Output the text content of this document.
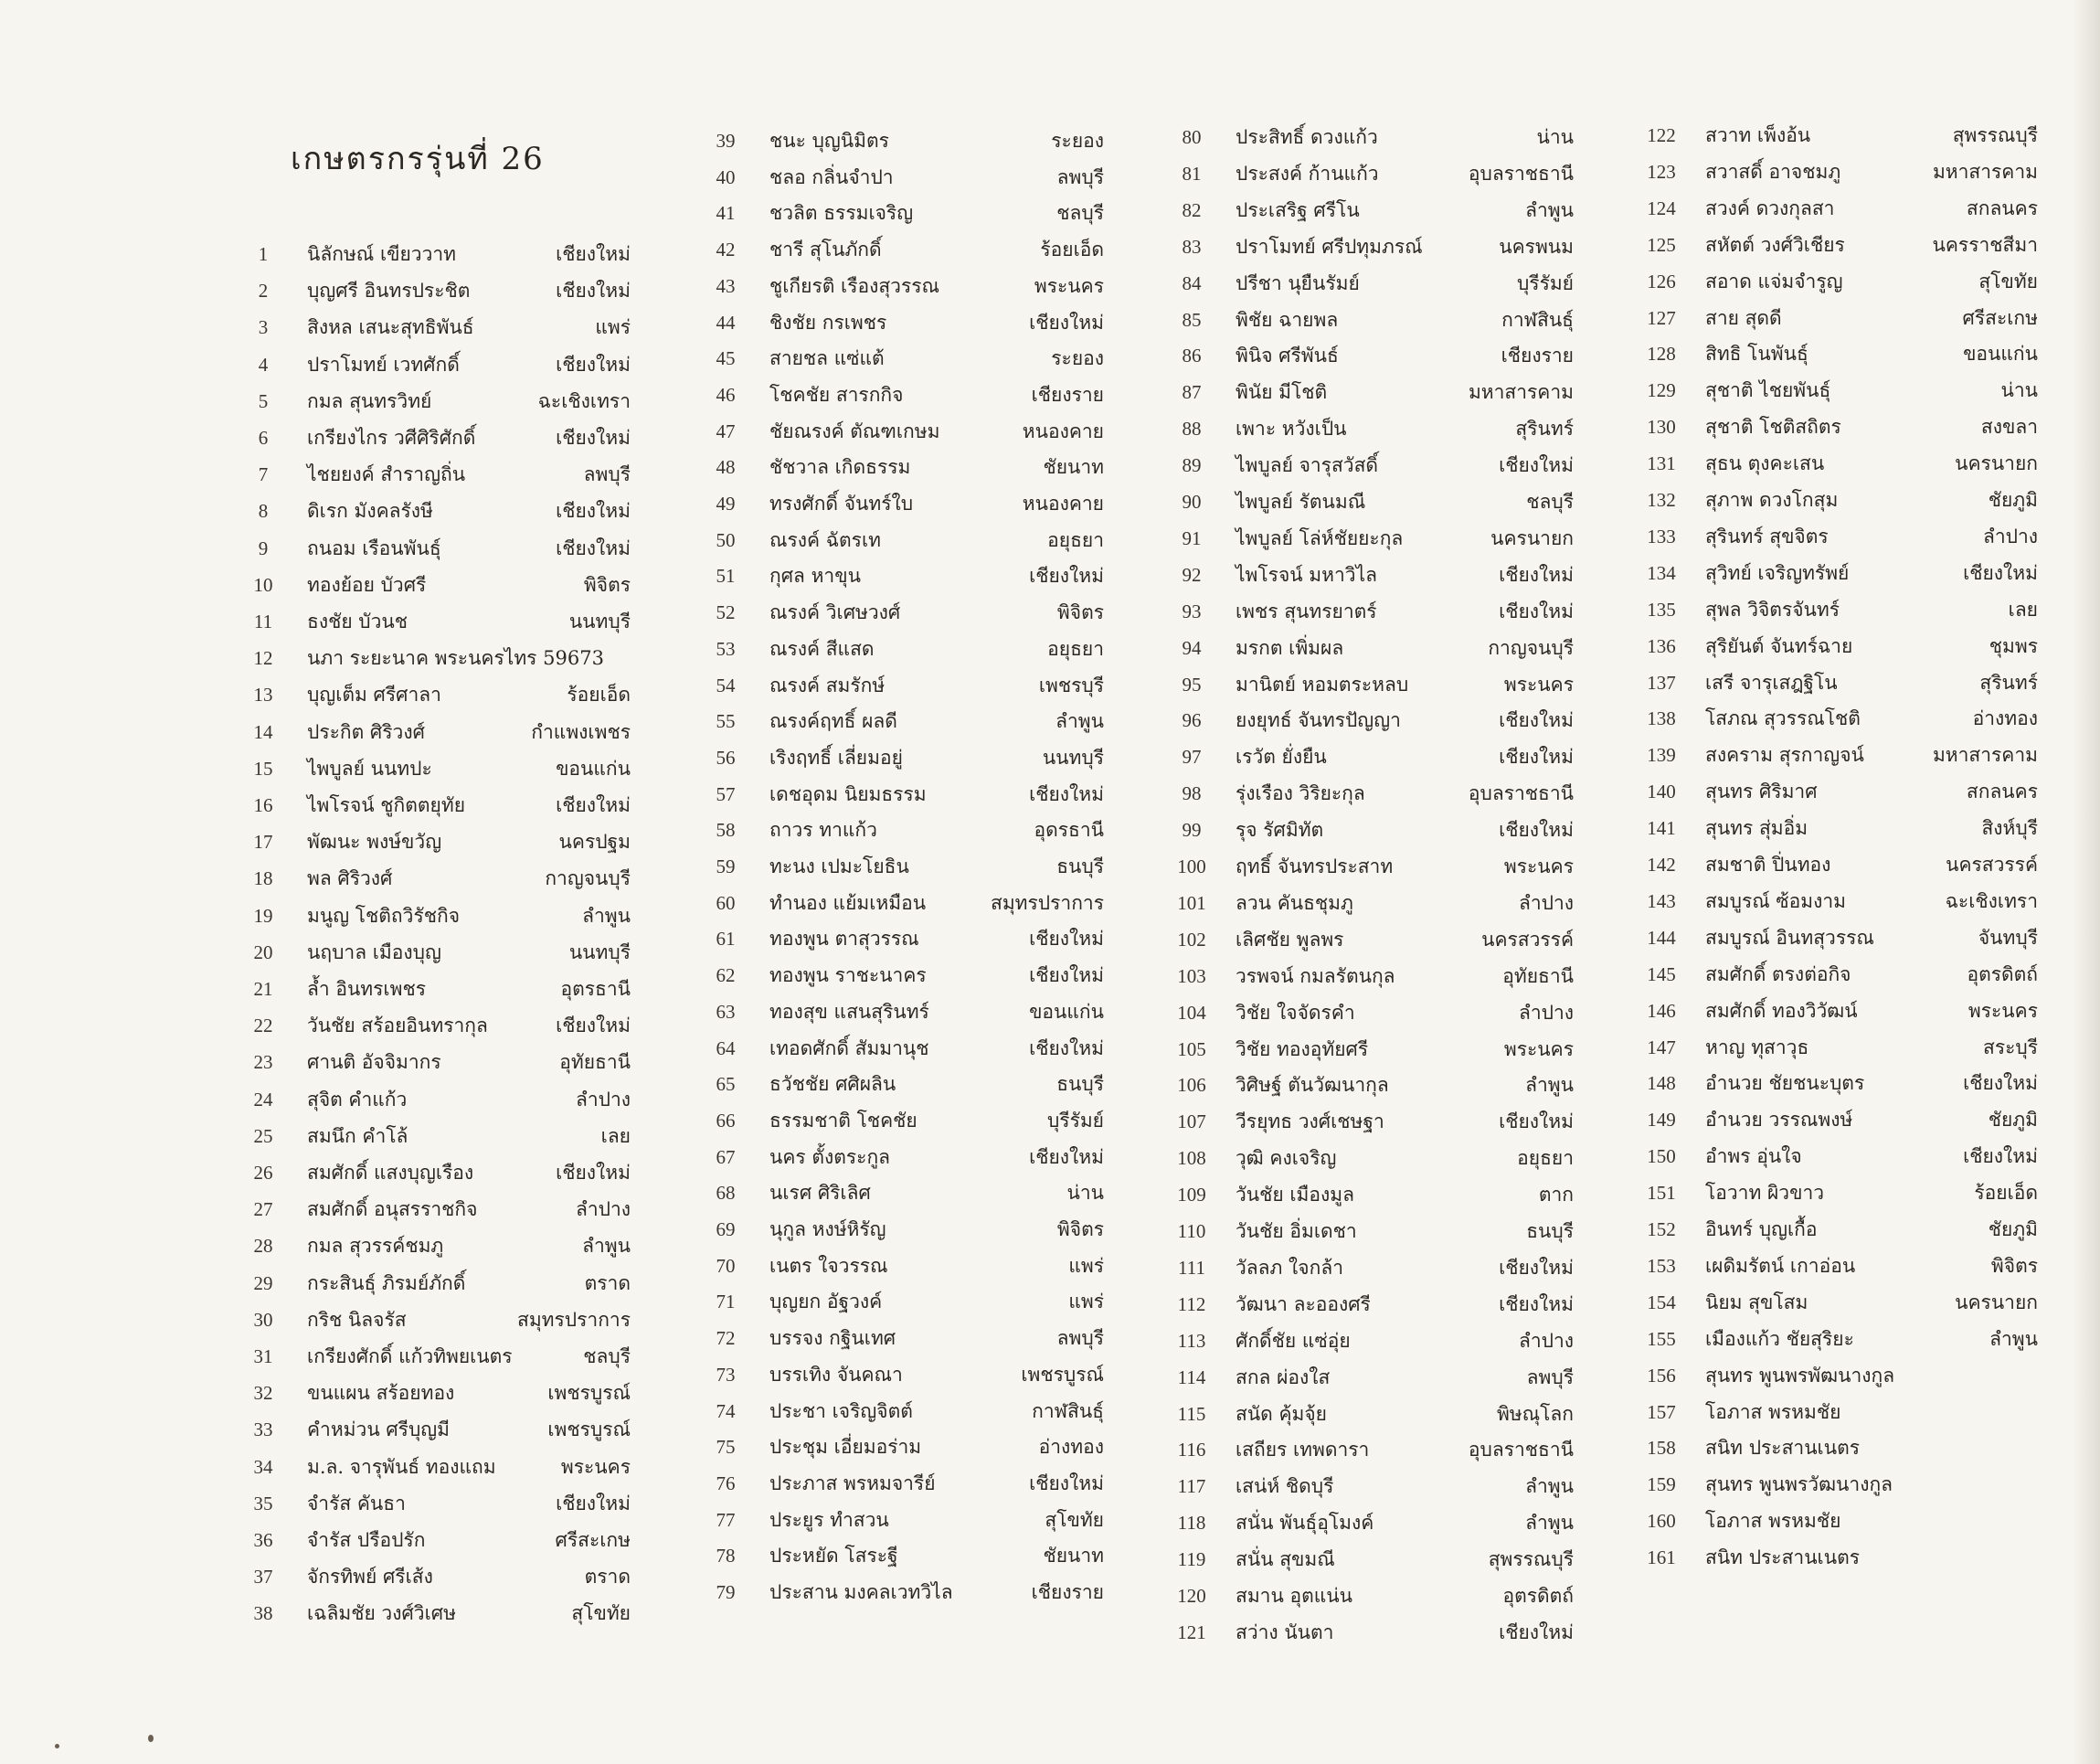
เกษตรกรรุ่นที่ 26
1	นิลักษณ์ เขียววาท	เชียงใหม่
2	บุญศรี อินทรประชิต	เชียงใหม่
3	สิงหล เสนะสุทธิพันธ์	แพร่
4	ปราโมทย์ เวทศักดิ์	เชียงใหม่
5	กมล สุนทรวิทย์	ฉะเชิงเทรา
6	เกรียงไกร วศีศิริศักดิ์	เชียงใหม่
7	ไชยยงค์ สำราญถิ่น	ลพบุรี
8	ดิเรก มังคลรังษี	เชียงใหม่
9	ถนอม เรือนพันธุ์	เชียงใหม่
10	ทองย้อย บัวศรี	พิจิตร
11	ธงชัย บัวนช	นนทบุรี
12	นภา ระยะนาค พระนครไทร 59673
13	บุญเต็ม ศรีศาลา	ร้อยเอ็ด
14	ประกิต ศิริวงศ์	กำแพงเพชร
15	ไพบูลย์ นนทปะ	ขอนแก่น
16	ไพโรจน์ ชูกิตตยุทัย	เชียงใหม่
17	พัฒนะ พงษ์ขวัญ	นครปฐม
18	พล ศิริวงศ์	กาญจนบุรี
19	มนูญ โชติถวิรัชกิจ	ลำพูน
20	นฤบาล เมืองบุญ	นนทบุรี
21	ล้ำ อินทรเพชร	อุตรธานี
22	วันชัย สร้อยอินทรากุล	เชียงใหม่
23	ศานติ อัจจิมากร	อุทัยธานี
24	สุจิต คำแก้ว	ลำปาง
25	สมนึก คำโล้	เลย
26	สมศักดิ์ แสงบุญเรือง	เชียงใหม่
27	สมศักดิ์ อนุสรราชกิจ	ลำปาง
28	กมล สุวรรค์ชมภู	ลำพูน
29	กระสินธุ์ ภิรมย์ภักดิ์	ตราด
30	กริช นิลจรัส	สมุทรปราการ
31	เกรียงศักดิ์ แก้วทิพยเนตร	ชลบุรี
32	ขนแผน สร้อยทอง	เพชรบูรณ์
33	คำหม่วน ศรีบุญมี	เพชรบูรณ์
34	ม.ล. จารุพันธ์ ทองแถม	พระนคร
35	จำรัส คันธา	เชียงใหม่
36	จำรัส ปรือปรัก	ศรีสะเกษ
37	จักรทิพย์ ศรีเส้ง	ตราด
38	เฉลิมชัย วงศ์วิเศษ	สุโขทัย
39	ชนะ บุญนิมิตร	ระยอง
40	ชลอ กลิ่นจำปา	ลพบุรี
41	ชวลิต ธรรมเจริญ	ชลบุรี
42	ชารี สุโนภักดิ์	ร้อยเอ็ด
43	ชูเกียรติ เรืองสุวรรณ	พระนคร
44	ชิงชัย กรเพชร	เชียงใหม่
45	สายชล แซ่แต้	ระยอง
46	โชคชัย สารกกิจ	เชียงราย
47	ชัยณรงค์ ตัณฑเกษม	หนองคาย
48	ชัชวาล เกิดธรรม	ชัยนาท
49	ทรงศักดิ์ จันทร์ใบ	หนองคาย
50	ณรงค์ ฉัตรเท	อยุธยา
51	กุศล หาขุน	เชียงใหม่
52	ณรงค์ วิเศษวงศ์	พิจิตร
53	ณรงค์ สีแสด	อยุธยา
54	ณรงค์ สมรักษ์	เพชรบุรี
55	ณรงค์ฤทธิ์ ผลดี	ลำพูน
56	เริงฤทธิ์ เลี่ยมอยู่	นนทบุรี
57	เดชอุดม นิยมธรรม	เชียงใหม่
58	ถาวร ทาแก้ว	อุดรธานี
59	ทะนง เปมะโยธิน	ธนบุรี
60	ทำนอง แย้มเหมือน	สมุทรปราการ
61	ทองพูน ตาสุวรรณ	เชียงใหม่
62	ทองพูน ราชะนาคร	เชียงใหม่
63	ทองสุข แสนสุรินทร์	ขอนแก่น
64	เทอดศักดิ์ สัมมานุช	เชียงใหม่
65	ธวัชชัย ศศิผลิน	ธนบุรี
66	ธรรมชาติ โชคชัย	บุรีรัมย์
67	นคร ตั้งตระกูล	เชียงใหม่
68	นเรศ ศิริเลิศ	น่าน
69	นุกูล หงษ์หิรัญ	พิจิตร
70	เนตร ใจวรรณ	แพร่
71	บุญยก อัฐวงค์	แพร่
72	บรรจง กฐินเทศ	ลพบุรี
73	บรรเทิง จันคณา	เพชรบูรณ์
74	ประชา เจริญจิตต์	กาฬสินธุ์
75	ประชุม เอี่ยมอร่าม	อ่างทอง
76	ประภาส พรหมจารีย์	เชียงใหม่
77	ประยูร ทำสวน	สุโขทัย
78	ประหยัด โสระฐี	ชัยนาท
79	ประสาน มงคลเวทวิไล	เชียงราย
80	ประสิทธิ์ ดวงแก้ว	น่าน
81	ประสงค์ ก้านแก้ว	อุบลราชธานี
82	ประเสริฐ ศรีโน	ลำพูน
83	ปราโมทย์ ศรีปทุมภรณ์	นครพนม
84	ปรีชา นุยืนรัมย์	บุรีรัมย์
85	พิชัย ฉายพล	กาฬสินธุ์
86	พินิจ ศรีพันธ์	เชียงราย
87	พินัย มีโชติ	มหาสารคาม
88	เพาะ หวังเป็น	สุรินทร์
89	ไพบูลย์ จารุสวัสดิ์	เชียงใหม่
90	ไพบูลย์ รัตนมณี	ชลบุรี
91	ไพบูลย์ โล่ห์ชัยยะกุล	นครนายก
92	ไพโรจน์ มหาวิไล	เชียงใหม่
93	เพชร สุนทรยาตร์	เชียงใหม่
94	มรกต เพิ่มผล	กาญจนบุรี
95	มานิตย์ หอมตระหลบ	พระนคร
96	ยงยุทธ์ จันทรปัญญา	เชียงใหม่
97	เรวัต ยั่งยืน	เชียงใหม่
98	รุ่งเรือง วิริยะกุล	อุบลราชธานี
99	รุจ รัศมิทัต	เชียงใหม่
100	ฤทธิ์ จันทรประสาท	พระนคร
101	ลวน คันธชุมภู	ลำปาง
102	เลิศชัย พูลพร	นครสวรรค์
103	วรพจน์ กมลรัตนกุล	อุทัยธานี
104	วิชัย ใจจัดรคำ	ลำปาง
105	วิชัย ทองอุทัยศรี	พระนคร
106	วิศิษฐ์ ตันวัฒนากุล	ลำพูน
107	วีรยุทธ วงศ์เชษฐา	เชียงใหม่
108	วุฒิ คงเจริญ	อยุธยา
109	วันชัย เมืองมูล	ตาก
110	วันชัย อิ่มเดชา	ธนบุรี
111	วัลลภ ใจกล้า	เชียงใหม่
112	วัฒนา ละอองศรี	เชียงใหม่
113	ศักดิ์ชัย แซ่อุ่ย	ลำปาง
114	สกล ผ่องใส	ลพบุรี
115	สนัด คุ้มจุ้ย	พิษณุโลก
116	เสถียร เทพดารา	อุบลราชธานี
117	เสน่ห์ ชิดบุรี	ลำพูน
118	สนั่น พันธุ์อุโมงค์	ลำพูน
119	สนั่น สุขมณี	สุพรรณบุรี
120	สมาน อุตแน่น	อุตรดิตถ์
121	สว่าง นันตา	เชียงใหม่
122	สวาท เพ็งอ้น	สุพรรณบุรี
123	สวาสดิ์ อาจชมภู	มหาสารคาม
124	สวงค์ ดวงกุลสา	สกลนคร
125	สหัตต์ วงศ์วิเชียร	นครราชสีมา
126	สอาด แจ่มจำรูญ	สุโขทัย
127	สาย สุดดี	ศรีสะเกษ
128	สิทธิ โนพันธุ์	ขอนแก่น
129	สุชาติ ไชยพันธุ์	น่าน
130	สุชาติ โชติสถิตร	สงขลา
131	สุธน ตุงคะเสน	นครนายก
132	สุภาพ ดวงโกสุม	ชัยภูมิ
133	สุรินทร์ สุขจิตร	ลำปาง
134	สุวิทย์ เจริญทรัพย์	เชียงใหม่
135	สุพล วิจิตรจันทร์	เลย
136	สุริยันต์ จันทร์ฉาย	ชุมพร
137	เสรี จารุเสฎฐิโน	สุรินทร์
138	โสภณ สุวรรณโชติ	อ่างทอง
139	สงคราม สุรกาญจน์	มหาสารคาม
140	สุนทร ศิริมาศ	สกลนคร
141	สุนทร สุ่มอิ่ม	สิงห์บุรี
142	สมชาติ ปิ่นทอง	นครสวรรค์
143	สมบูรณ์ ซ้อมงาม	ฉะเชิงเทรา
144	สมบูรณ์ อินทสุวรรณ	จันทบุรี
145	สมศักดิ์ ตรงต่อกิจ	อุตรดิตถ์
146	สมศักดิ์ ทองวิวัฒน์	พระนคร
147	หาญ ทุสาวุธ	สระบุรี
148	อำนวย ชัยชนะบุตร	เชียงใหม่
149	อำนวย วรรณพงษ์	ชัยภูมิ
150	อำพร อุ่นใจ	เชียงใหม่
151	โอวาท ผิวขาว	ร้อยเอ็ด
152	อินทร์ บุญเกื้อ	ชัยภูมิ
153	เผดิมรัตน์ เกาอ่อน	พิจิตร
154	นิยม สุขโสม	นครนายก
155	เมืองแก้ว ชัยสุริยะ	ลำพูน
156	สุนทร พูนพรพัฒนางกูล
157	โอภาส พรหมชัย
158	สนิท ประสานเนตร
159	สุนทร พูนพรวัฒนางกูล
160	โอภาส พรหมชัย
161	สนิท ประสานเนตร
